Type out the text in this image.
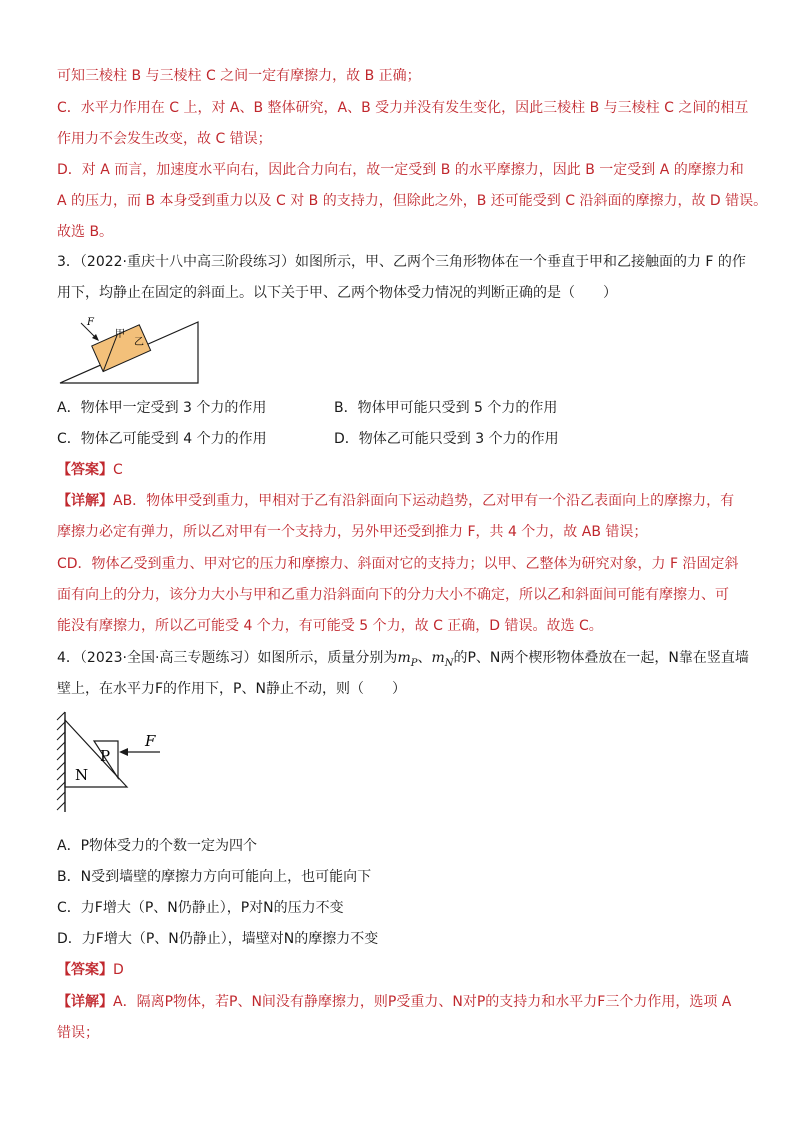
可知三棱柱 B 与三棱柱 C 之间一定有摩擦力，故 B 正确；
C．水平力作用在 C 上，对 A、B 整体研究，A、B 受力并没有发生变化，因此三棱柱 B 与三棱柱 C 之间的相互
作用力不会发生改变，故 C 错误；
D．对 A 而言，加速度水平向右，因此合力向右，故一定受到 B 的水平摩擦力，因此 B 一定受到 A 的摩擦力和
A 的压力，而 B 本身受到重力以及 C 对 B 的支持力，但除此之外，B 还可能受到 C 沿斜面的摩擦力，故 D 错误。
故选 B。
3．（2022·重庆十八中高三阶段练习）如图所示，甲、乙两个三角形物体在一个垂直于甲和乙接触面的力 F 的作
用下，均静止在固定的斜面上。以下关于甲、乙两个物体受力情况的判断正确的是（　　）
F
甲
乙
A．物体甲一定受到 3 个力的作用	B．物体甲可能只受到 5 个力的作用
C．物体乙可能受到 4 个力的作用	D．物体乙可能只受到 3 个力的作用
【答案】C
【详解】AB．物体甲受到重力，甲相对于乙有沿斜面向下运动趋势，乙对甲有一个沿乙表面向上的摩擦力，有
摩擦力必定有弹力，所以乙对甲有一个支持力，另外甲还受到推力 F，共 4 个力，故 AB 错误；
CD．物体乙受到重力、甲对它的压力和摩擦力、斜面对它的支持力；以甲、乙整体为研究对象，力 F 沿固定斜
面有向上的分力，该分力大小与甲和乙重力沿斜面向下的分力大小不确定，所以乙和斜面间可能有摩擦力、可
能没有摩擦力，所以乙可能受 4 个力，有可能受 5 个力，故 C 正确，D 错误。故选 C。
4．（2023·全国·高三专题练习）如图所示，质量分别为$m_P$、$m_N$的P、N两个楔形物体叠放在一起，N靠在竖直墙
壁上，在水平力F的作用下，P、N静止不动，则（　　）
F
P
N
A．P物体受力的个数一定为四个
B．N受到墙壁的摩擦力方向可能向上，也可能向下
C．力F增大（P、N仍静止），P对N的压力不变
D．力F增大（P、N仍静止），墙壁对N的摩擦力不变
【答案】D
【详解】A．隔离P物体，若P、N间没有静摩擦力，则P受重力、N对P的支持力和水平力F三个力作用，选项 A
错误；
